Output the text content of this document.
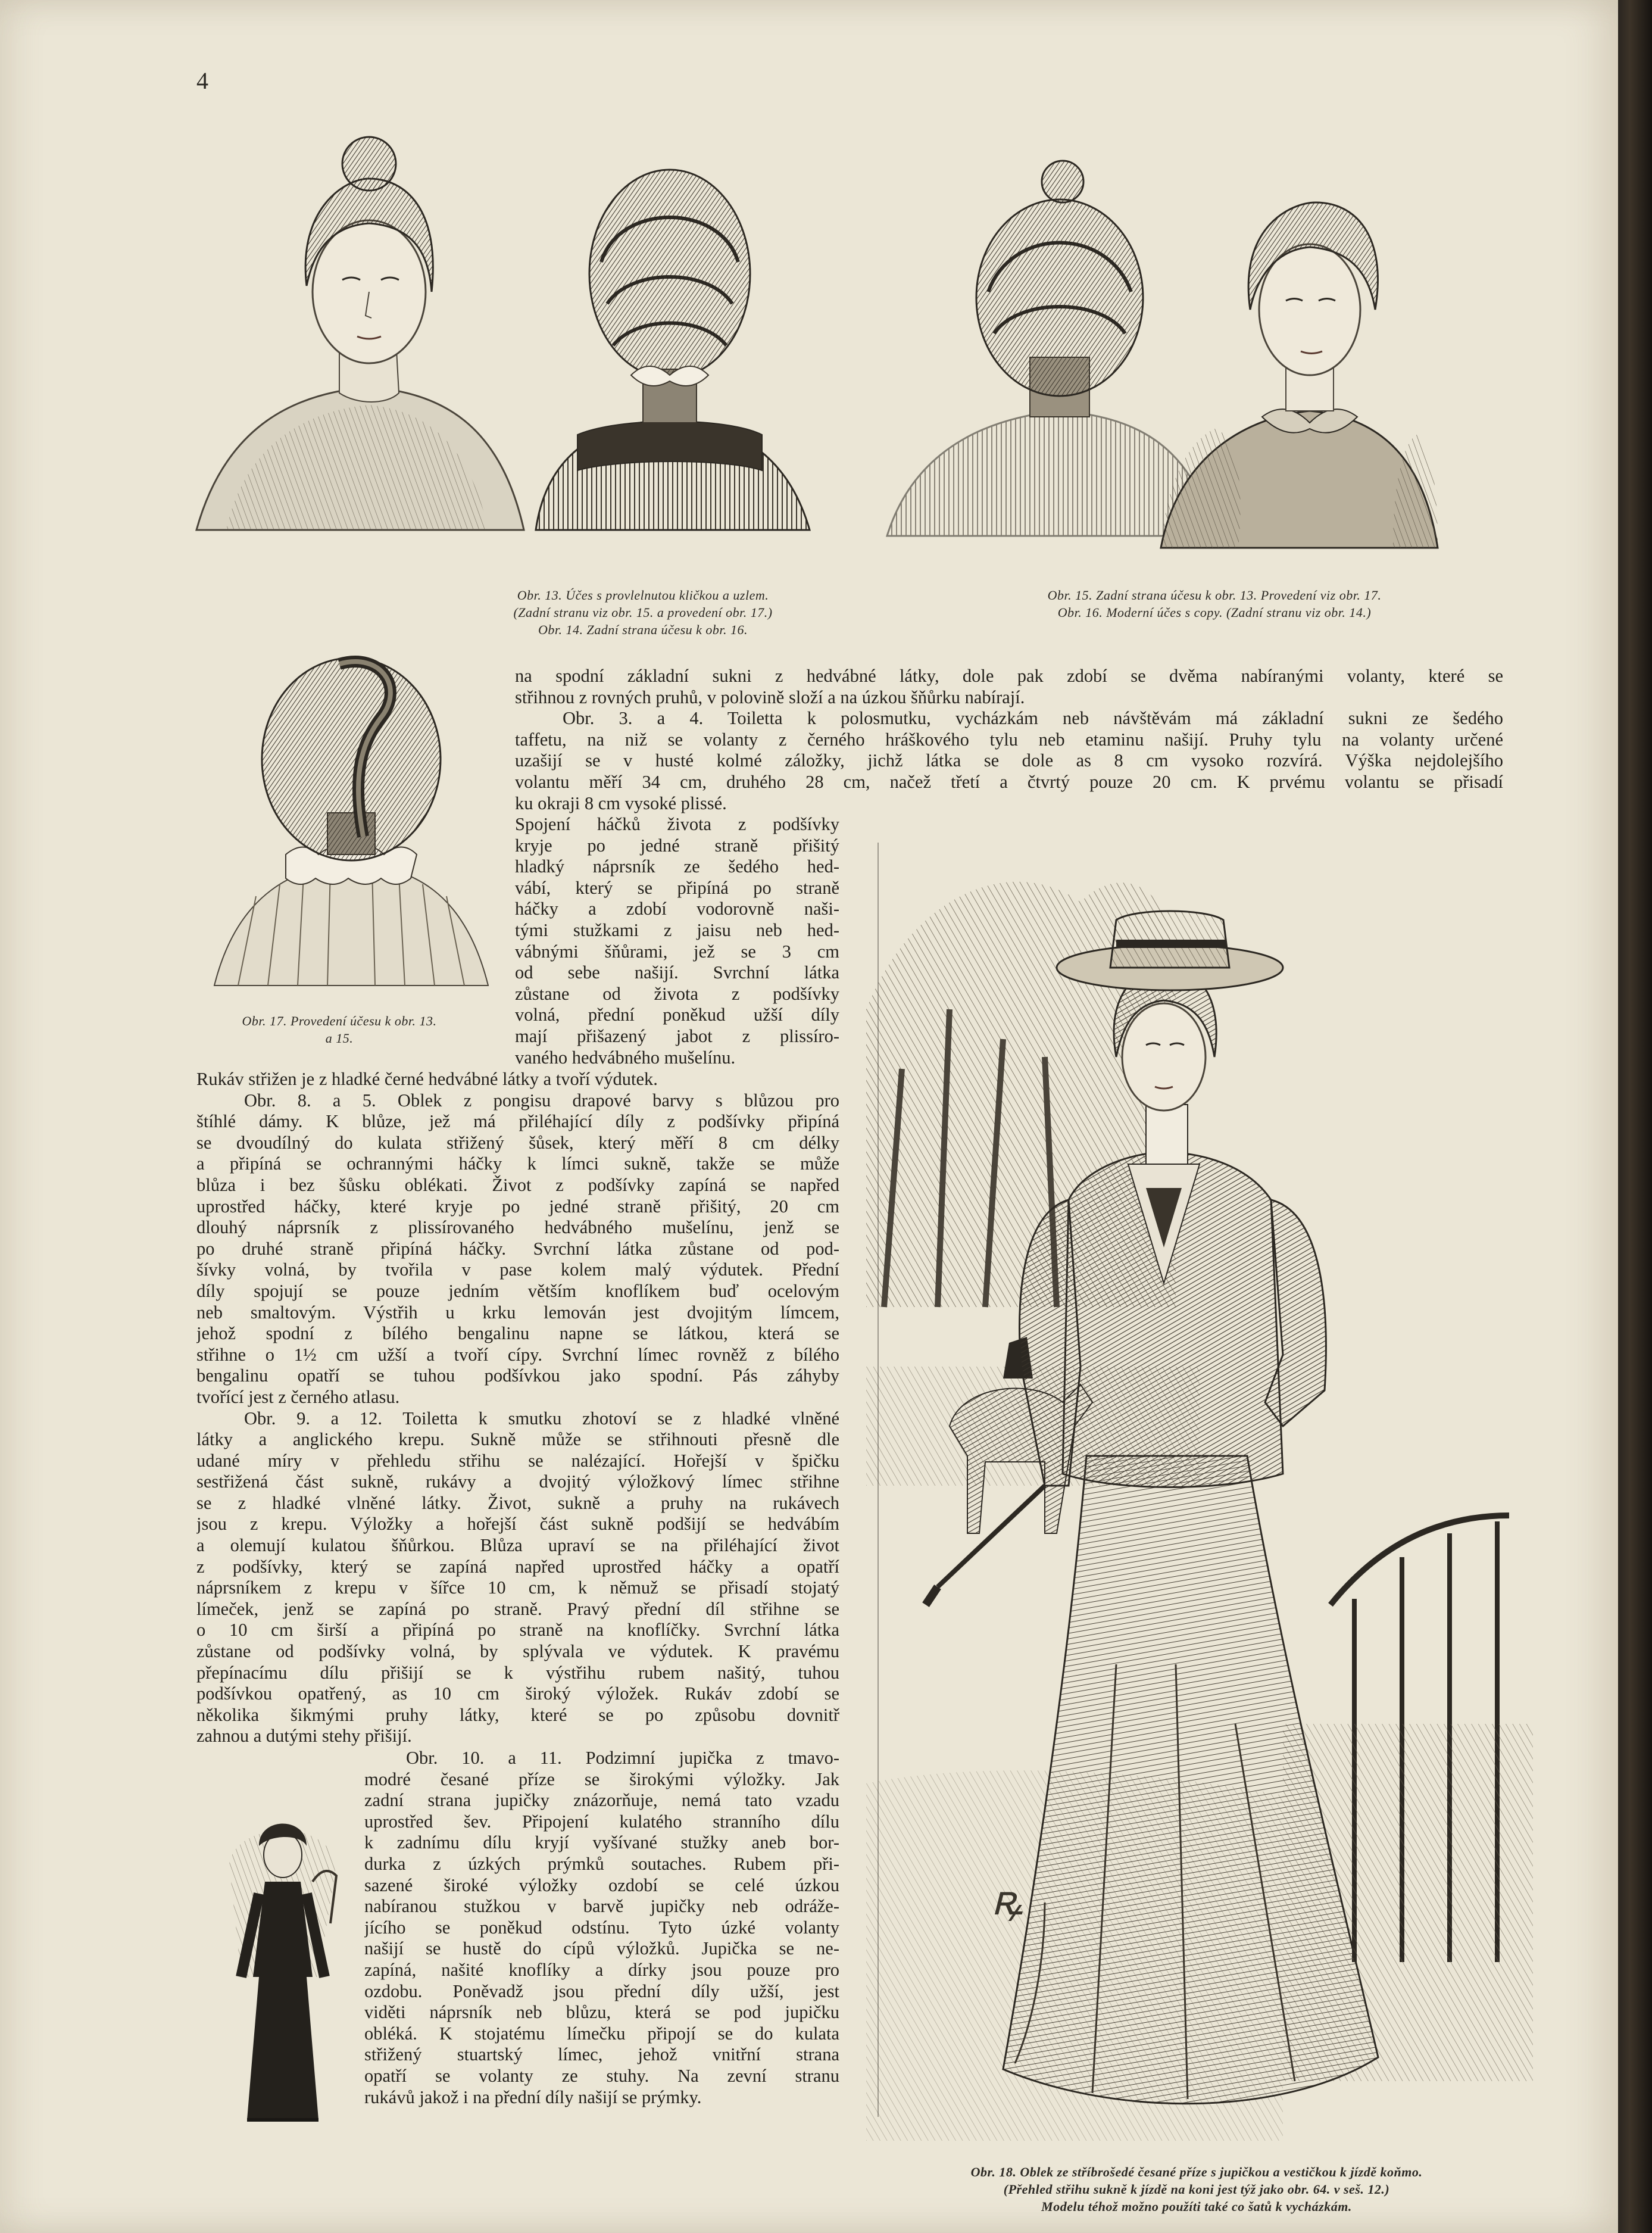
4
Obr. 13. Účes s provlelnutou kličkou a uzlem.
(Zadní stranu viz obr. 15. a provedení obr. 17.)
Obr. 14. Zadní strana účesu k obr. 16.
Obr. 15. Zadní strana účesu k obr. 13. Provedení viz obr. 17.
Obr. 16. Moderní účes s copy. (Zadní stranu viz obr. 14.)
Obr. 17. Provedení účesu k obr. 13.
a 15.
na spodní základní sukni z hedvábné látky, dole pak zdobí se dvěma nabíranými volanty, které se
střihnou z rovných pruhů, v polovině složí a na úzkou šňůrku nabírají.
Obr. 3. a 4. Toiletta k polosmutku, vycházkám neb návštěvám má základní sukni ze šedého
taffetu, na niž se volanty z černého hráškového tylu neb etaminu našijí. Pruhy tylu na volanty určené
uzašijí se v husté kolmé záložky, jichž látka se dole as 8 cm vysoko rozvírá. Výška nejdolejšího
volantu měří 34 cm, druhého 28 cm, načež třetí a čtvrtý pouze 20 cm. K prvému volantu se přisadí
ku okraji 8 cm vysoké plissé.
Spojení háčků života z podšívky
kryje po jedné straně přišitý
hladký náprsník ze šedého hed-
vábí, který se připíná po straně
háčky a zdobí vodorovně naši-
tými stužkami z jaisu neb hed-
vábnými šňůrami, jež se 3 cm
od sebe našijí. Svrchní látka
zůstane od života z podšívky
volná, přední poněkud užší díly
mají přišazený jabot z plissíro-
vaného hedvábného mušelínu.
Rukáv střižen je z hladké černé hedvábné látky a tvoří výdutek.
Obr. 8. a 5. Oblek z pongisu drapové barvy s blůzou pro
štíhlé dámy. K blůze, jež má přiléhající díly z podšívky připíná
se dvoudílný do kulata střižený šůsek, který měří 8 cm délky
a připíná se ochrannými háčky k límci sukně, takže se může
blůza i bez šůsku oblékati. Život z podšívky zapíná se napřed
uprostřed háčky, které kryje po jedné straně přišitý, 20 cm
dlouhý náprsník z plissírovaného hedvábného mušelínu, jenž se
po druhé straně připíná háčky. Svrchní látka zůstane od pod-
šívky volná, by tvořila v pase kolem malý výdutek. Přední
díly spojují se pouze jedním větším knoflíkem buď ocelovým
neb smaltovým. Výstřih u krku lemován jest dvojitým límcem,
jehož spodní z bílého bengalinu napne se látkou, která se
střihne o 1½ cm užší a tvoří cípy. Svrchní límec rovněž z bílého
bengalinu opatří se tuhou podšívkou jako spodní. Pás záhyby
tvořící jest z černého atlasu.
Obr. 9. a 12. Toiletta k smutku zhotoví se z hladké vlněné
látky a anglického krepu. Sukně může se střihnouti přesně dle
udané míry v přehledu střihu se nalézající. Hořejší v špičku
sestřižená část sukně, rukávy a dvojitý výložkový límec střihne
se z hladké vlněné látky. Život, sukně a pruhy na rukávech
jsou z krepu. Výložky a hořejší část sukně podšijí se hedvábím
a olemují kulatou šňůrkou. Blůza upraví se na přiléhající život
z podšívky, který se zapíná napřed uprostřed háčky a opatří
náprsníkem z krepu v šířce 10 cm, k němuž se přisadí stojatý
límeček, jenž se zapíná po straně. Pravý přední díl střihne se
o 10 cm širší a připíná po straně na knoflíčky. Svrchní látka
zůstane od podšívky volná, by splývala ve výdutek. K pravému
přepínacímu dílu přišijí se k výstřihu rubem našitý, tuhou
podšívkou opatřený, as 10 cm široký výložek. Rukáv zdobí se
několika šikmými pruhy látky, které se po způsobu dovnitř
zahnou a dutými stehy přišijí.
Obr. 10. a 11. Podzimní jupička z tmavo-
modré česané příze se širokými výložky. Jak
zadní strana jupičky znázorňuje, nemá tato vzadu
uprostřed šev. Připojení kulatého stranního dílu
k zadnímu dílu kryjí vyšívané stužky aneb bor-
durka z úzkých prýmků soutaches. Rubem při-
sazené široké výložky ozdobí se celé úzkou
nabíranou stužkou v barvě jupičky neb odráže-
jícího se poněkud odstínu. Tyto úzké volanty
našijí se hustě do cípů výložků. Jupička se ne-
zapíná, našité knoflíky a dírky jsou pouze pro
ozdobu. Poněvadž jsou přední díly užší, jest
viděti náprsník neb blůzu, která se pod jupičku
obléká. K stojatému límečku připojí se do kulata
střižený stuartský límec, jehož vnitřní strana
opatří se volanty ze stuhy. Na zevní stranu
rukávů jakož i na přední díly našijí se prýmky.
ꝶ
Obr. 18. Oblek ze stříbrošedé česané příze s jupičkou a vestičkou k jízdě koňmo.
(Přehled střihu sukně k jízdě na koni jest týž jako obr. 64. v seš. 12.)
Modelu téhož možno použíti také co šatů k vycházkám.
